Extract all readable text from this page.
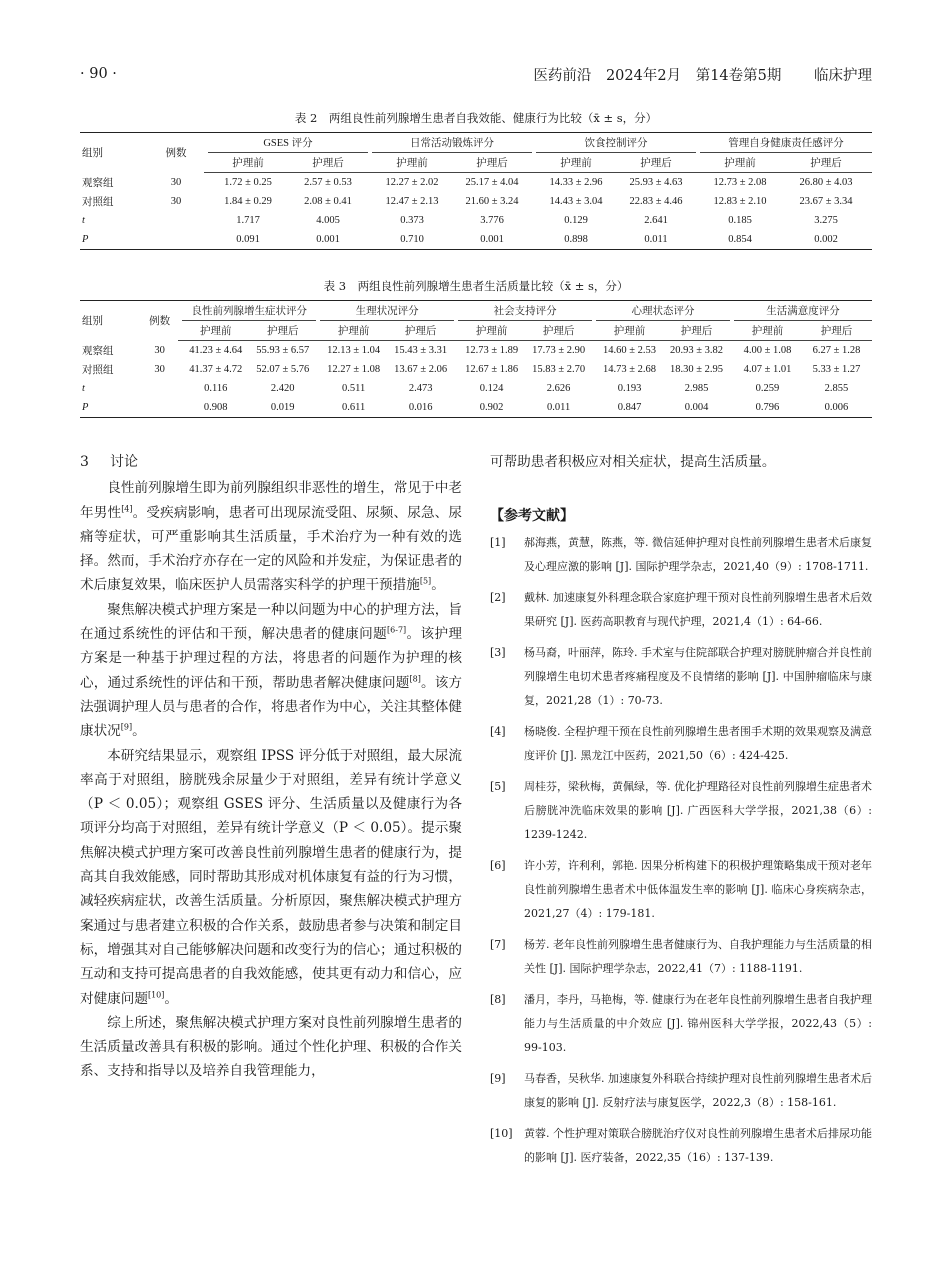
· 90 ·	医药前沿 2024年2月 第14卷第5期 临床护理
表 2　两组良性前列腺增生患者自我效能、健康行为比较（x̄ ± s，分）
组别	例数		GSES 评分			日常活动锻炼评分			饮食控制评分			管理自身健康责任感评分	
			护理前	护理后		护理前	护理后		护理前	护理后		护理前	护理后
观察组	30		1.72 ± 0.25	2.57 ± 0.53		12.27 ± 2.02	25.17 ± 4.04		14.33 ± 2.96	25.93 ± 4.63		12.73 ± 2.08	26.80 ± 4.03
对照组	30		1.84 ± 0.29	2.08 ± 0.41		12.47 ± 2.13	21.60 ± 3.24		14.43 ± 3.04	22.83 ± 4.46		12.83 ± 2.10	23.67 ± 3.34
t			1.717	4.005		0.373	3.776		0.129	2.641		0.185	3.275
P			0.091	0.001		0.710	0.001		0.898	0.011		0.854	0.002
表 3　两组良性前列腺增生患者生活质量比较（x̄ ± s，分）
组别	例数		良性前列腺增生症状评分			生理状况评分			社会支持评分			心理状态评分			生活满意度评分	
			护理前	护理后		护理前	护理后		护理前	护理后		护理前	护理后		护理前	护理后
观察组	30		41.23 ± 4.64	55.93 ± 6.57		12.13 ± 1.04	15.43 ± 3.31		12.73 ± 1.89	17.73 ± 2.90		14.60 ± 2.53	20.93 ± 3.82		4.00 ± 1.08	6.27 ± 1.28
对照组	30		41.37 ± 4.72	52.07 ± 5.76		12.27 ± 1.08	13.67 ± 2.06		12.67 ± 1.86	15.83 ± 2.70		14.73 ± 2.68	18.30 ± 2.95		4.07 ± 1.01	5.33 ± 1.27
t			0.116	2.420		0.511	2.473		0.124	2.626		0.193	2.985		0.259	2.855
P			0.908	0.019		0.611	0.016		0.902	0.011		0.847	0.004		0.796	0.006
3 讨论

良性前列腺增生即为前列腺组织非恶性的增生，常见于中老年男性[4]。受疾病影响，患者可出现尿流受阻、尿频、尿急、尿痛等症状，可严重影响其生活质量，手术治疗为一种有效的选择。然而，手术治疗亦存在一定的风险和并发症，为保证患者的术后康复效果，临床医护人员需落实科学的护理干预措施[5]。

聚焦解决模式护理方案是一种以问题为中心的护理方法，旨在通过系统性的评估和干预，解决患者的健康问题[6-7]。该护理方案是一种基于护理过程的方法，将患者的问题作为护理的核心，通过系统性的评估和干预，帮助患者解决健康问题[8]。该方法强调护理人员与患者的合作，将患者作为中心，关注其整体健康状况[9]。

本研究结果显示，观察组 IPSS 评分低于对照组，最大尿流率高于对照组，膀胱残余尿量少于对照组，差异有统计学意义（P ＜ 0.05）；观察组 GSES 评分、生活质量以及健康行为各项评分均高于对照组，差异有统计学意义（P ＜ 0.05）。提示聚焦解决模式护理方案可改善良性前列腺增生患者的健康行为，提高其自我效能感，同时帮助其形成对机体康复有益的行为习惯，减轻疾病症状，改善生活质量。分析原因，聚焦解决模式护理方案通过与患者建立积极的合作关系，鼓励患者参与决策和制定目标，增强其对自己能够解决问题和改变行为的信心；通过积极的互动和支持可提高患者的自我效能感，使其更有动力和信心，应对健康问题[10]。

综上所述，聚焦解决模式护理方案对良性前列腺增生患者的生活质量改善具有积极的影响。通过个性化护理、积极的合作关系、支持和指导以及培养自我管理能力，

可帮助患者积极应对相关症状，提高生活质量。

【参考文献】
[1]	郝海燕，黄慧，陈燕，等. 微信延伸护理对良性前列腺增生患者术后康复及心理应激的影响 [J]. 国际护理学杂志，2021,40（9）: 1708-1711.
[2]	戴林. 加速康复外科理念联合家庭护理干预对良性前列腺增生患者术后效果研究 [J]. 医药高职教育与现代护理，2021,4（1）: 64-66.
[3]	杨马裔，叶丽萍，陈玲. 手术室与住院部联合护理对膀胱肿瘤合并良性前列腺增生电切术患者疼痛程度及不良情绪的影响 [J]. 中国肿瘤临床与康复，2021,28（1）: 70-73.
[4]	杨晓俊. 全程护理干预在良性前列腺增生患者围手术期的效果观察及满意度评价 [J]. 黑龙江中医药，2021,50（6）: 424-425.
[5]	周桂芬，梁秋梅，黄佩绿，等. 优化护理路径对良性前列腺增生症患者术后膀胱冲洗临床效果的影响 [J]. 广西医科大学学报，2021,38（6）: 1239-1242.
[6]	许小芳，许利利，郭艳. 因果分析构建下的积极护理策略集成干预对老年良性前列腺增生患者术中低体温发生率的影响 [J]. 临床心身疾病杂志，2021,27（4）: 179-181.
[7]	杨芳. 老年良性前列腺增生患者健康行为、自我护理能力与生活质量的相关性 [J]. 国际护理学杂志，2022,41（7）: 1188-1191.
[8]	潘月，李丹，马艳梅，等. 健康行为在老年良性前列腺增生患者自我护理能力与生活质量的中介效应 [J]. 锦州医科大学学报，2022,43（5）: 99-103.
[9]	马春香，吴秋华. 加速康复外科联合持续护理对良性前列腺增生患者术后康复的影响 [J]. 反射疗法与康复医学，2022,3（8）: 158-161.
[10]	黄蓉. 个性护理对策联合膀胱治疗仪对良性前列腺增生患者术后排尿功能的影响 [J]. 医疗装备，2022,35（16）: 137-139.
